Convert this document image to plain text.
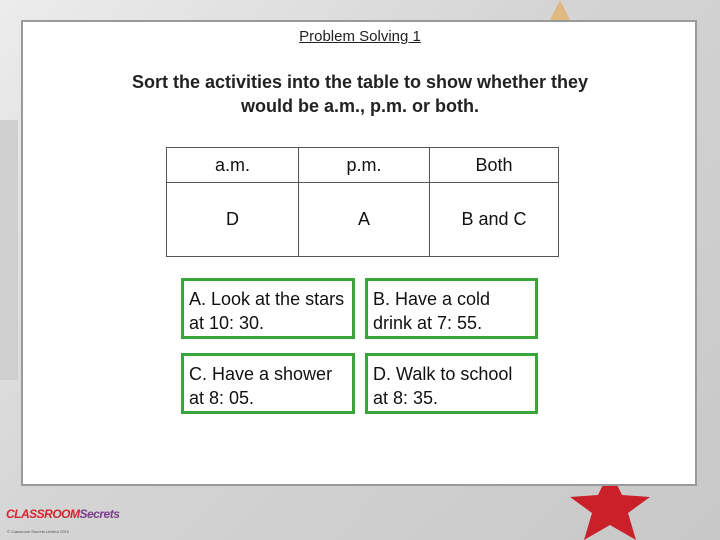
Problem Solving 1
Sort the activities into the table to show whether they would be a.m., p.m. or both.
a.m.	p.m.	Both
D	A	B and C
A. Look at the stars at 10: 30.
B. Have a cold drink at 7: 55.
C. Have a shower at 8: 05.
D. Walk to school at 8: 35.
CLASSROOMSecrets
© Classroom Secrets Limited 2019
